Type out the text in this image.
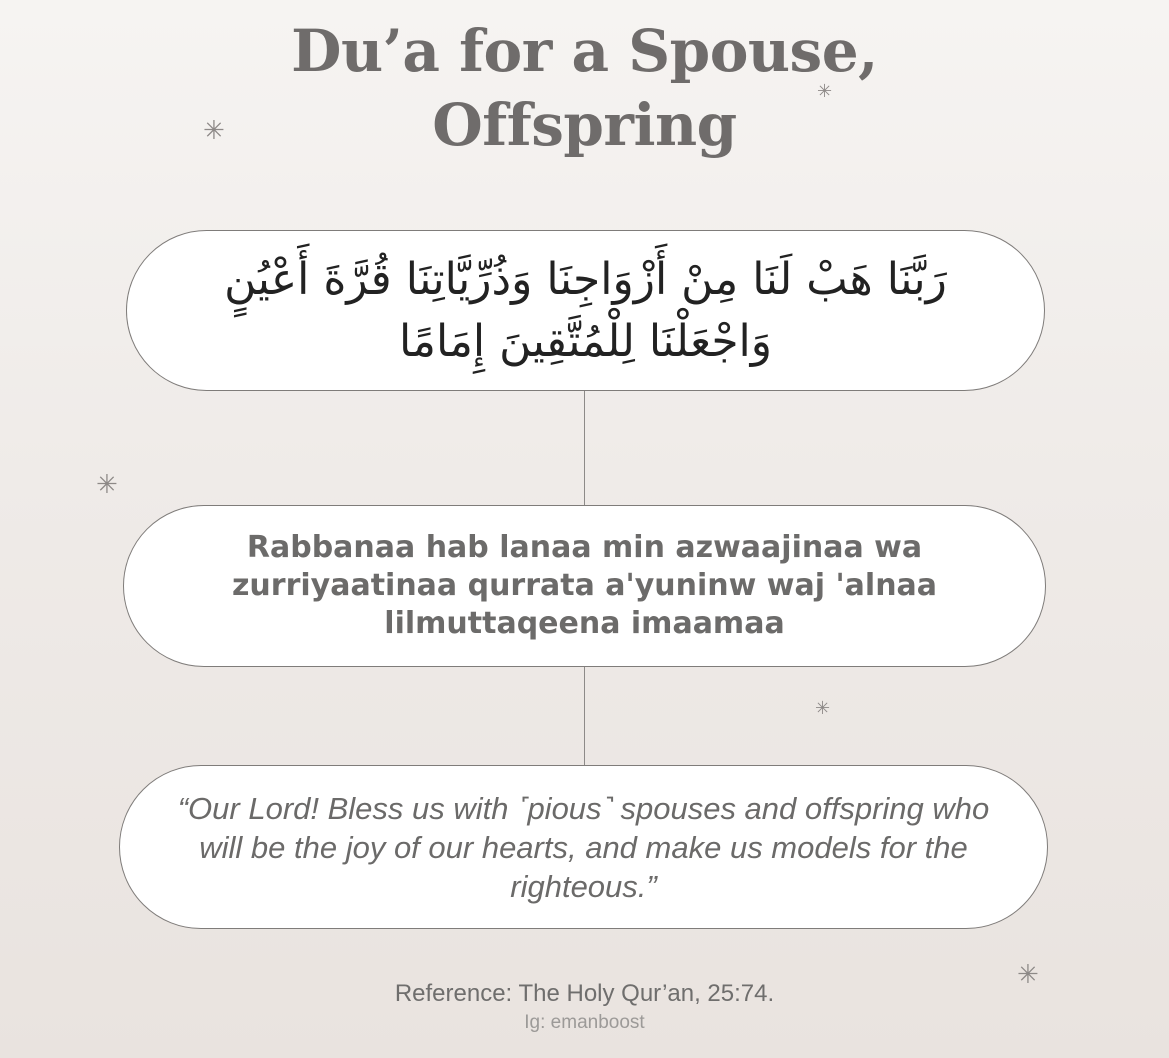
Du’a for a Spouse,
Offspring
✳
✳
✳
✳
✳
رَبَّنَا هَبْ لَنَا مِنْ أَزْوَاجِنَا وَذُرِّيَّاتِنَا قُرَّةَ أَعْيُنٍ وَاجْعَلْنَا لِلْمُتَّقِينَ إِمَامًا
Rabbanaa hab lanaa min azwaajinaa wa zurriyaatinaa qurrata a'yuninw waj 'alnaa lilmuttaqeena imaamaa
“Our Lord! Bless us with ˹pious˺ spouses and offspring who will be the joy of our hearts, and make us models for the righteous.”
Reference: The Holy Qur’an, 25:74.
Ig: emanboost
